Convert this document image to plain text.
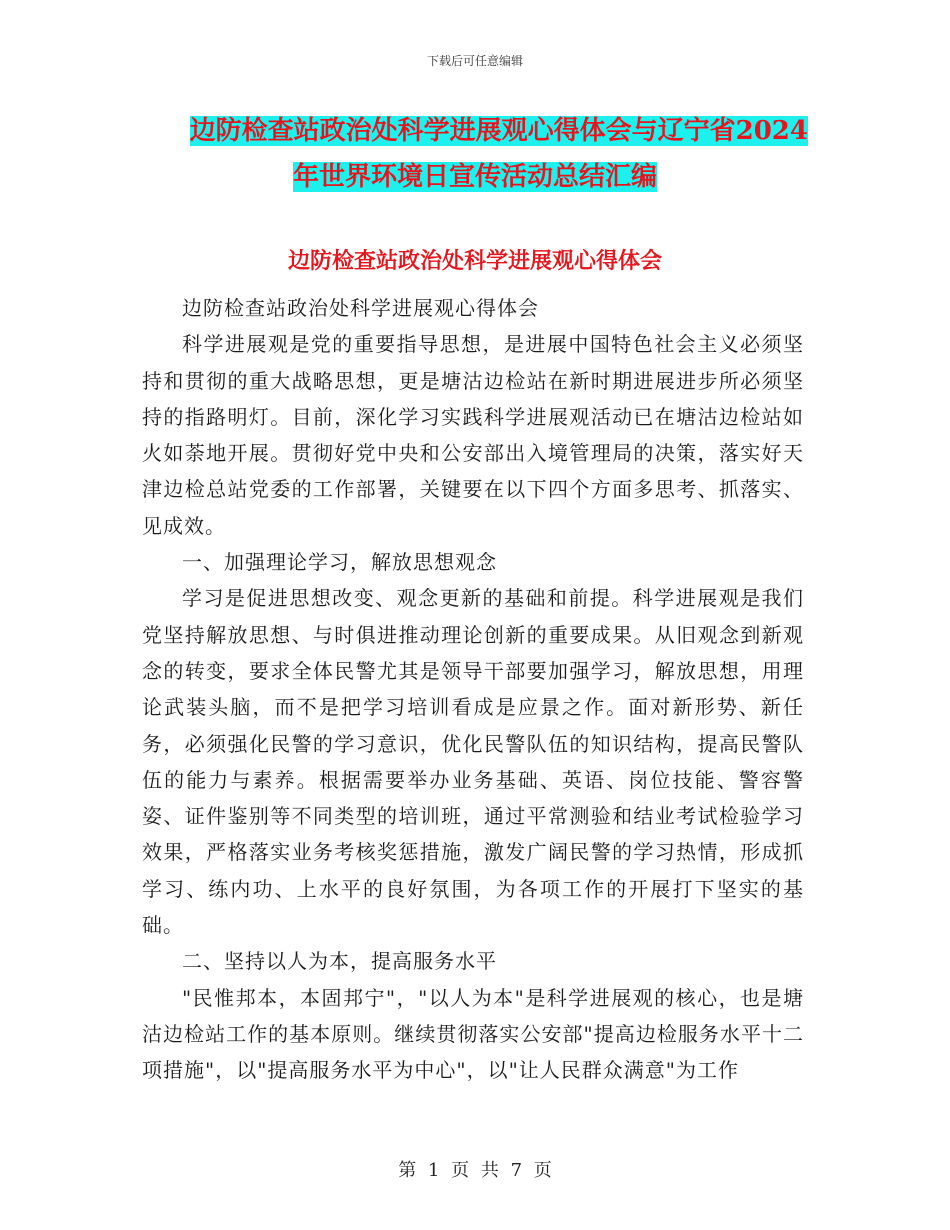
下载后可任意编辑
边防检查站政治处科学进展观心得体会与辽宁省2024
年世界环境日宣传活动总结汇编
边防检查站政治处科学进展观心得体会

边防检查站政治处科学进展观心得体会

科学进展观是党的重要指导思想，是进展中国特色社会主义必须坚持和贯彻的重大战略思想，更是塘沽边检站在新时期进展进步所必须坚持的指路明灯。目前，深化学习实践科学进展观活动已在塘沽边检站如火如荼地开展。贯彻好党中央和公安部出入境管理局的决策，落实好天津边检总站党委的工作部署，关键要在以下四个方面多思考、抓落实、见成效。

一、加强理论学习，解放思想观念

学习是促进思想改变、观念更新的基础和前提。科学进展观是我们党坚持解放思想、与时俱进推动理论创新的重要成果。从旧观念到新观念的转变，要求全体民警尤其是领导干部要加强学习，解放思想，用理论武装头脑，而不是把学习培训看成是应景之作。面对新形势、新任务，必须强化民警的学习意识，优化民警队伍的知识结构，提高民警队伍的能力与素养。根据需要举办业务基础、英语、岗位技能、警容警姿、证件鉴别等不同类型的培训班，通过平常测验和结业考试检验学习效果，严格落实业务考核奖惩措施，激发广阔民警的学习热情，形成抓学习、练内功、上水平的良好氛围，为各项工作的开展打下坚实的基础。

二、坚持以人为本，提高服务水平

"民惟邦本，本固邦宁"，"以人为本"是科学进展观的核心，也是塘沽边检站工作的基本原则。继续贯彻落实公安部"提高边检服务水平十二项措施"，以"提高服务水平为中心"，以"让人民群众满意"为工作

第 1 页 共 7 页
